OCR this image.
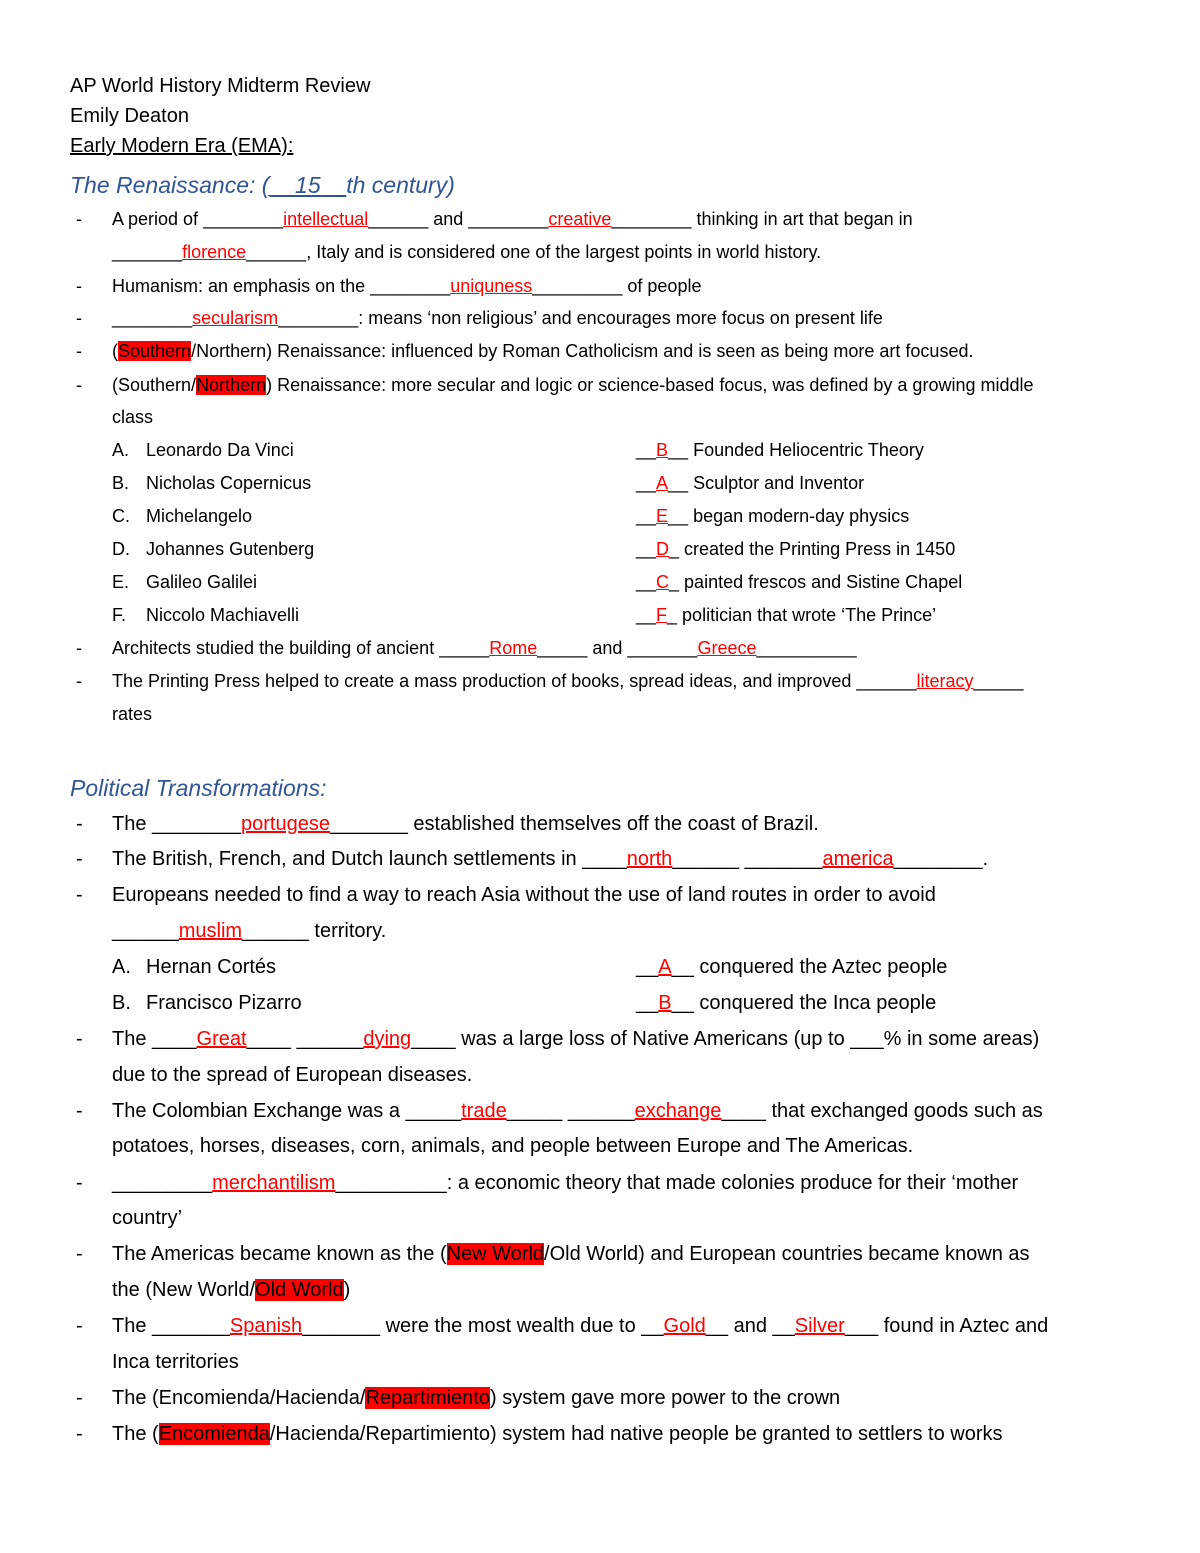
AP World History Midterm Review
Emily Deaton
Early Modern Era (EMA):
The Renaissance: (__15__th century)
- A period of ________intellectual______ and ________creative________ thinking in art that began in
_______florence______, Italy and is considered one of the largest points in world history.
- Humanism: an emphasis on the ________uniquness_________ of people
- ________secularism________: means ‘non religious’ and encourages more focus on present life
- (Southern/Northern) Renaissance: influenced by Roman Catholicism and is seen as being more art focused.
- (Southern/Northern) Renaissance: more secular and logic or science-based focus, was defined by a growing middle
class
A. Leonardo Da Vinci	__B__ Founded Heliocentric Theory
B. Nicholas Copernicus	__A__ Sculptor and Inventor
C. Michelangelo	__E__ began modern-day physics
D. Johannes Gutenberg	__D_ created the Printing Press in 1450
E. Galileo Galilei	__C_ painted frescos and Sistine Chapel
F. Niccolo Machiavelli	__F_ politician that wrote ‘The Prince’
- Architects studied the building of ancient _____Rome_____ and _______Greece__________
- The Printing Press helped to create a mass production of books, spread ideas, and improved ______literacy_____
rates
Political Transformations:
- The ________portugese_______ established themselves off the coast of Brazil.
- The British, French, and Dutch launch settlements in ____north______ _______america________.
- Europeans needed to find a way to reach Asia without the use of land routes in order to avoid
______muslim______ territory.
A. Hernan Cortés	__A__ conquered the Aztec people
B. Francisco Pizarro	__B__ conquered the Inca people
- The ____Great____ ______dying____ was a large loss of Native Americans (up to ___% in some areas)
due to the spread of European diseases.
- The Colombian Exchange was a _____trade_____ ______exchange____ that exchanged goods such as
potatoes, horses, diseases, corn, animals, and people between Europe and The Americas.
- _________merchantilism__________: a economic theory that made colonies produce for their ‘mother
country’
- The Americas became known as the (New World/Old World) and European countries became known as
the (New World/Old World)
- The _______Spanish_______ were the most wealth due to __Gold__ and __Silver___ found in Aztec and
Inca territories
- The (Encomienda/Hacienda/Repartimiento) system gave more power to the crown
- The (Encomienda/Hacienda/Repartimiento) system had native people be granted to settlers to works
